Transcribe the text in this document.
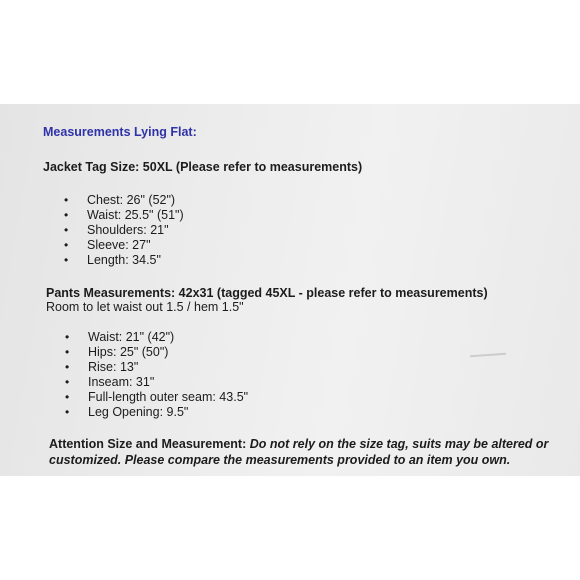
Measurements Lying Flat:
Jacket Tag Size: 50XL (Please refer to measurements)
• Chest: 26" (52")
• Waist: 25.5" (51")
• Shoulders: 21"
• Sleeve: 27"
• Length: 34.5"
Pants Measurements: 42x31 (tagged 45XL - please refer to measurements)
Room to let waist out 1.5 / hem 1.5"
• Waist: 21" (42")
• Hips: 25" (50")
• Rise: 13"
• Inseam: 31"
• Full-length outer seam: 43.5"
• Leg Opening: 9.5"
Attention Size and Measurement: Do not rely on the size tag, suits may be altered or customized. Please compare the measurements provided to an item you own.
